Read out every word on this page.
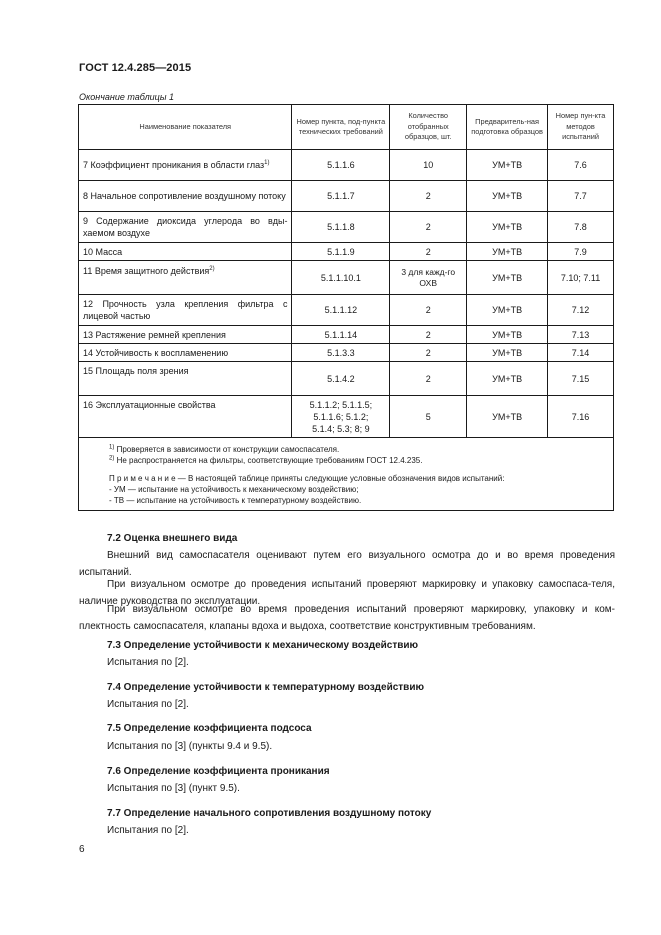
ГОСТ 12.4.285—2015
Окончание таблицы 1
Наименование показателя	Номер пункта, под-пункта технических требований	Количество отобранных образцов, шт.	Предваритель-ная подготовка образцов	Номер пун-кта методов испытаний
7 Коэффициент проникания в области глаз$^{1)}$	5.1.1.6	10	УМ+ТВ	7.6
8 Начальное сопротивление воздушному потоку	5.1.1.7	2	УМ+ТВ	7.7
9 Содержание диоксида углерода во вды-хаемом воздухе	5.1.1.8	2	УМ+ТВ	7.8
10 Масса	5.1.1.9	2	УМ+ТВ	7.9
11 Время защитного действия$^{2)}$	5.1.1.10.1	3 для кажд-го ОХВ	УМ+ТВ	7.10; 7.11
12 Прочность узла крепления фильтра с лицевой частью	5.1.1.12	2	УМ+ТВ	7.12
13 Растяжение ремней крепления	5.1.1.14	2	УМ+ТВ	7.13
14 Устойчивость к воспламенению	5.1.3.3	2	УМ+ТВ	7.14
15 Площадь поля зрения	5.1.4.2	2	УМ+ТВ	7.15
16 Эксплуатационные свойства	5.1.1.2; 5.1.1.5; 5.1.1.6; 5.1.2; 5.1.4; 5.3; 8; 9	5	УМ+ТВ	7.16

$^{1)}$ Проверяется в зависимости от конструкции самоспасателя.
$^{2)}$ Не распространяется на фильтры, соответствующие требованиям ГОСТ 12.4.235.
П р и м е ч а н и е — В настоящей таблице приняты следующие условные обозначения видов испытаний:
- УМ — испытание на устойчивость к механическому воздействию;
- ТВ — испытание на устойчивость к температурному воздействию.				
7.2 Оценка внешнего вида
Внешний вид самоспасателя оценивают путем его визуального осмотра до и во время проведения испытаний.
При визуальном осмотре до проведения испытаний проверяют маркировку и упаковку самоспаса-теля, наличие руководства по эксплуатации.
При визуальном осмотре во время проведения испытаний проверяют маркировку, упаковку и ком-плектность самоспасателя, клапаны вдоха и выдоха, соответствие конструктивным требованиям.
7.3 Определение устойчивости к механическому воздействию
Испытания по [2].
7.4 Определение устойчивости к температурному воздействию
Испытания по [2].
7.5 Определение коэффициента подсоса
Испытания по [3] (пункты 9.4 и 9.5).
7.6 Определение коэффициента проникания
Испытания по [3] (пункт 9.5).
7.7 Определение начального сопротивления воздушному потоку
Испытания по [2].
6
